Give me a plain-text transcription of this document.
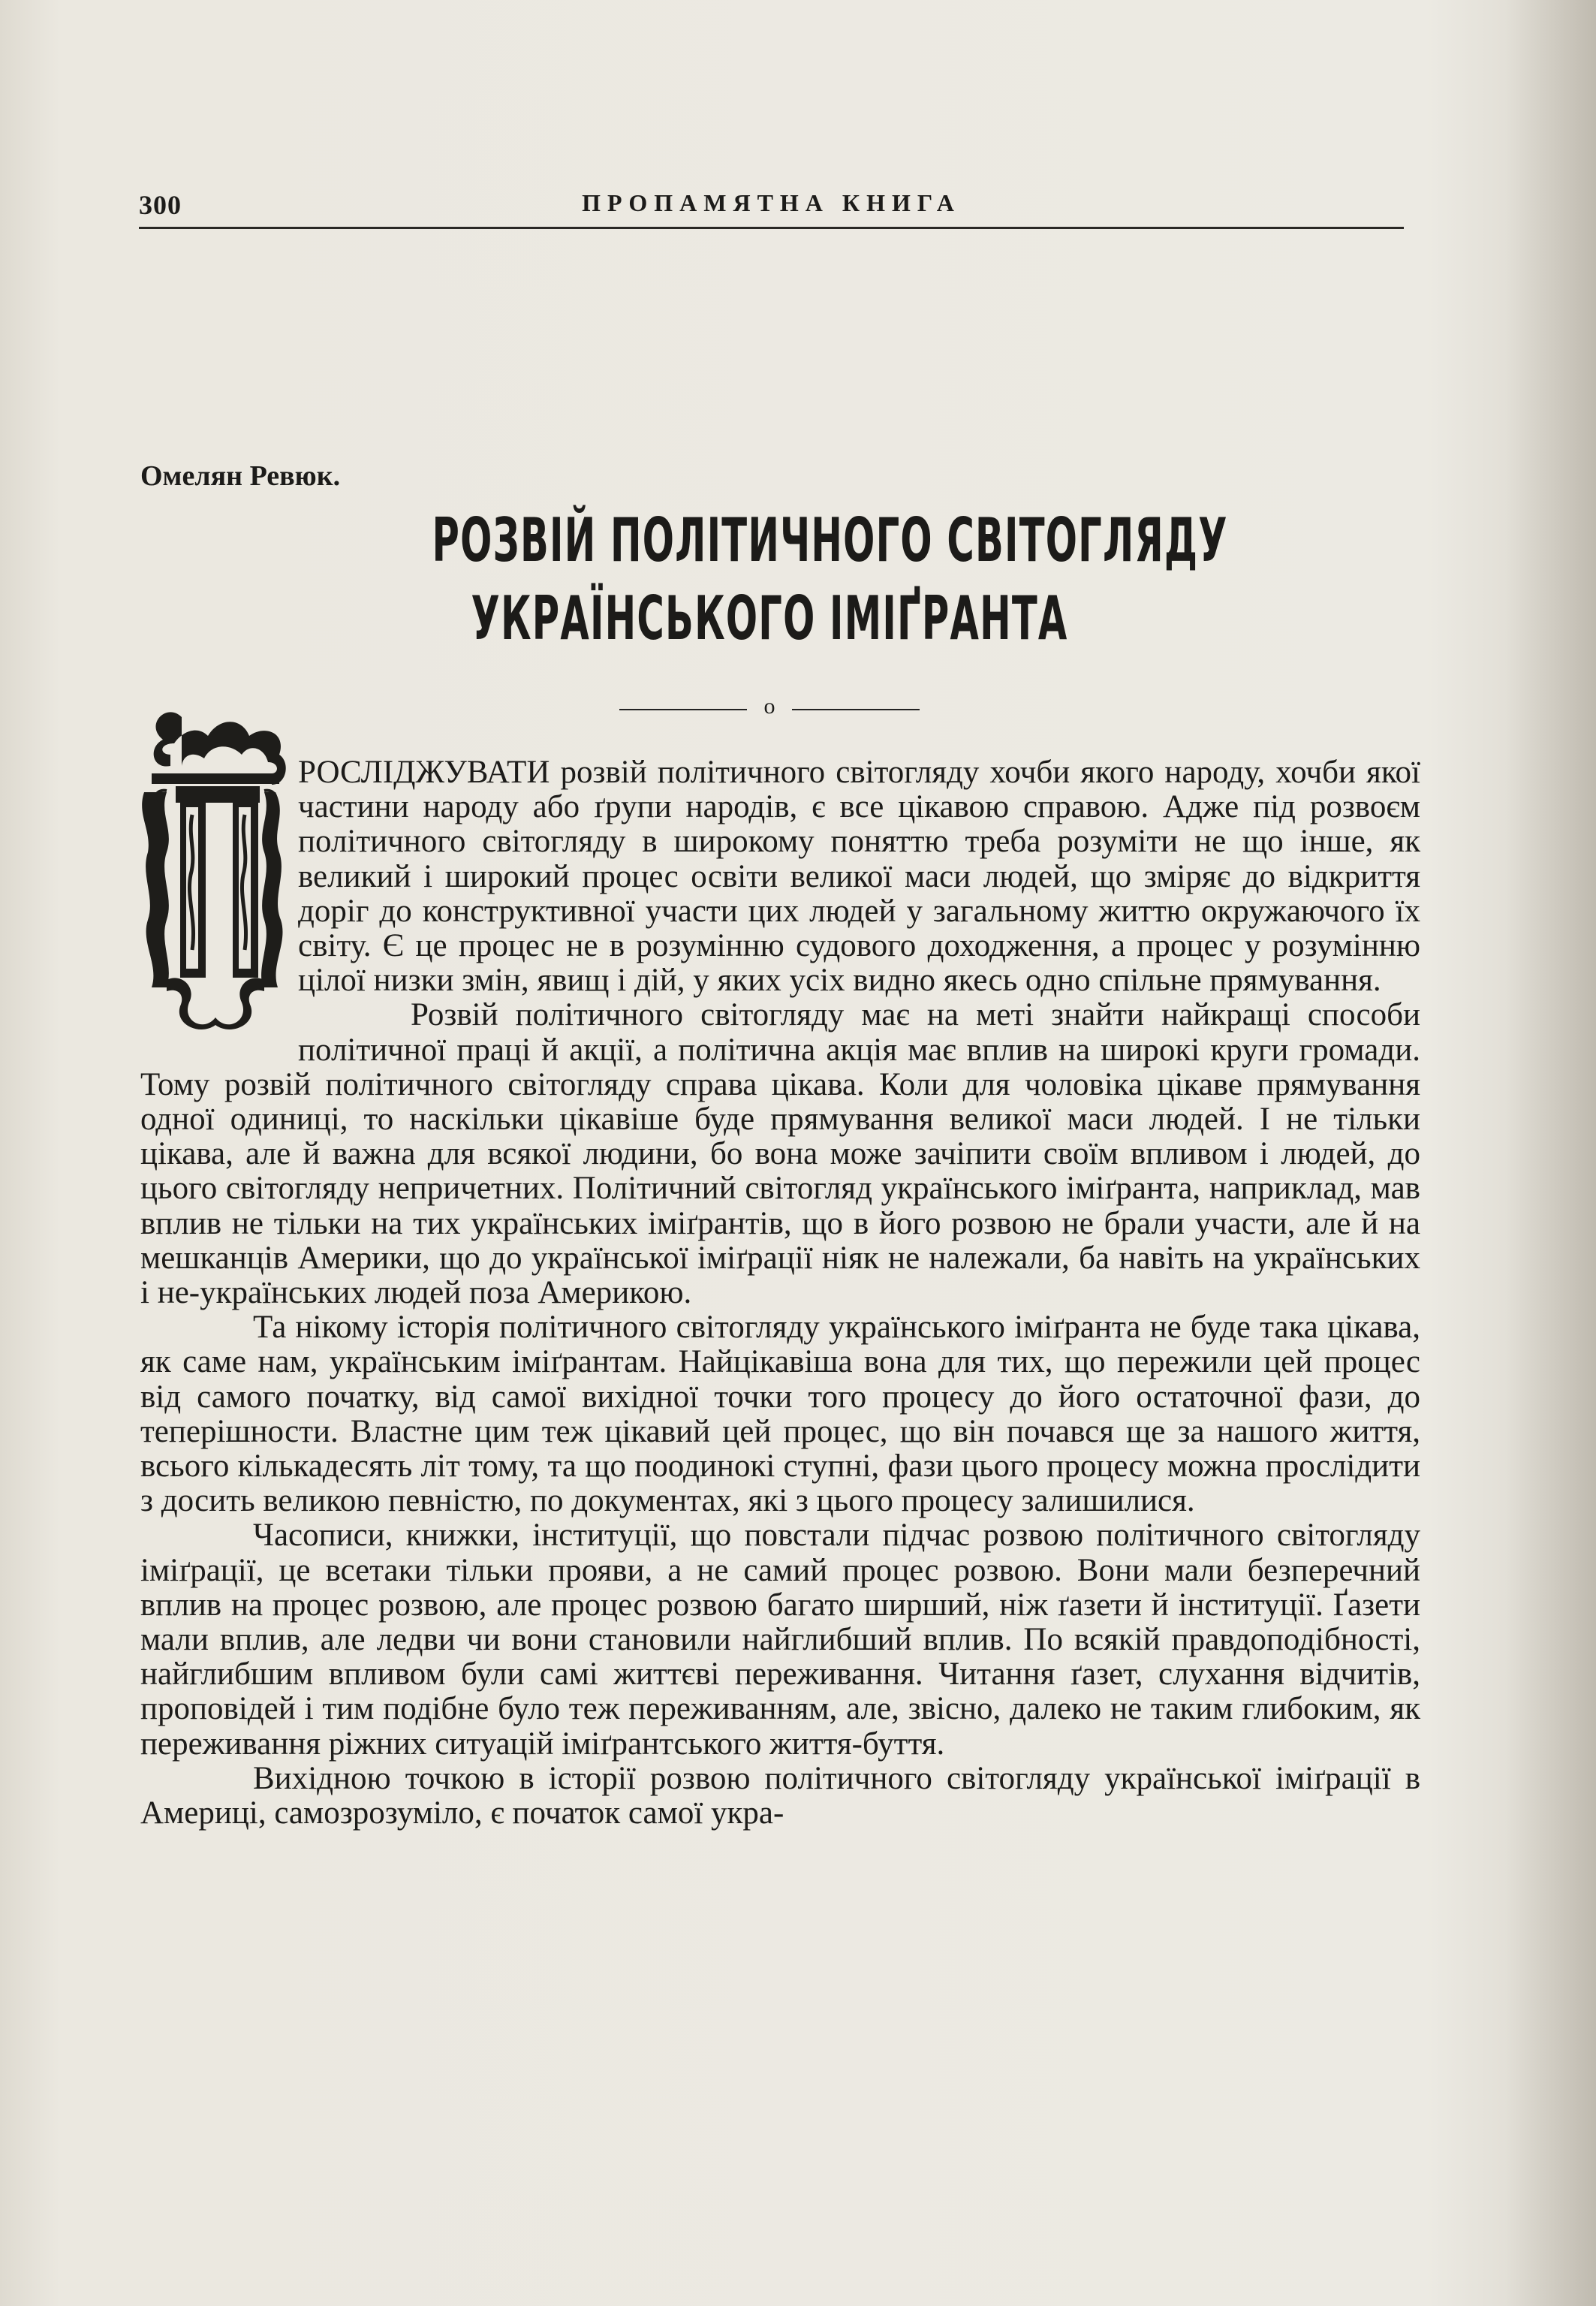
300	ПРОПАМЯТНА КНИГА
Омелян Ревюк.
РОЗВІЙ ПОЛІТИЧНОГО СВІТОГЛЯДУ
УКРАЇНСЬКОГО ІМІҐРАНТА
o

РОСЛІДЖУВАТИ розвій політичного світогляду хочби якого народу, хочби якої частини народу або ґрупи народів, є все цікавою справою. Адже під розвоєм політичного світогляду в широкому поняттю треба розуміти не що інше, як великий і широкий процес освіти великої маси людей, що зміряє до відкриття доріг до конструктивної участи цих людей у загальному життю окружаючого їх світу. Є це процес не в розумінню судового доходження, а процес у розумінню цілої низки змін, явищ і дій, у яких усіх видно якесь одно спільне прямування.

Розвій політичного світогляду має на меті знайти найкращі способи політичної праці й акції, а політична акція має вплив на широкі круги громади. Тому розвій політичного світогляду справа цікава. Коли для чоловіка цікаве прямування одної одиниці, то наскільки цікавіше буде прямування великої маси людей. І не тільки цікава, але й важна для всякої людини, бо вона може зачіпити своїм впливом і людей, до цього світогляду непричетних. Політичний світогляд українського іміґранта, наприклад, мав вплив не тільки на тих українських іміґрантів, що в його розвою не брали участи, але й на мешканців Америки, що до української іміґрації ніяк не належали, ба навіть на українських і не-українських людей поза Америкою.

Та нікому історія політичного світогляду українського іміґранта не буде така цікава, як саме нам, українським іміґрантам. Найцікавіша вона для тих, що пережили цей процес від самого початку, від самої вихідної точки того процесу до його остаточної фази, до теперішности. Властне цим теж цікавий цей процес, що він почався ще за нашого життя, всього кількадесять літ тому, та що поодинокі ступні, фази цього процесу можна прослідити з досить великою певністю, по документах, які з цього процесу залишилися.

Часописи, книжки, інституції, що повстали підчас розвою політичного світогляду іміґрації, це всетаки тільки прояви, а не самий процес розвою. Вони мали безперечний вплив на процес розвою, але процес розвою багато ширший, ніж ґазети й інституції. Ґазети мали вплив, але ледви чи вони становили найглибший вплив. По всякій правдоподібності, найглибшим впливом були самі життєві переживання. Читання ґазет, слухання відчитів, проповідей і тим подібне було теж переживанням, але, звісно, далеко не таким глибоким, як переживання ріжних ситуацій іміґрантського життя-буття.

Вихідною точкою в історії розвою політичного світогляду української іміґрації в Америці, самозрозуміло, є початок самої укра-
